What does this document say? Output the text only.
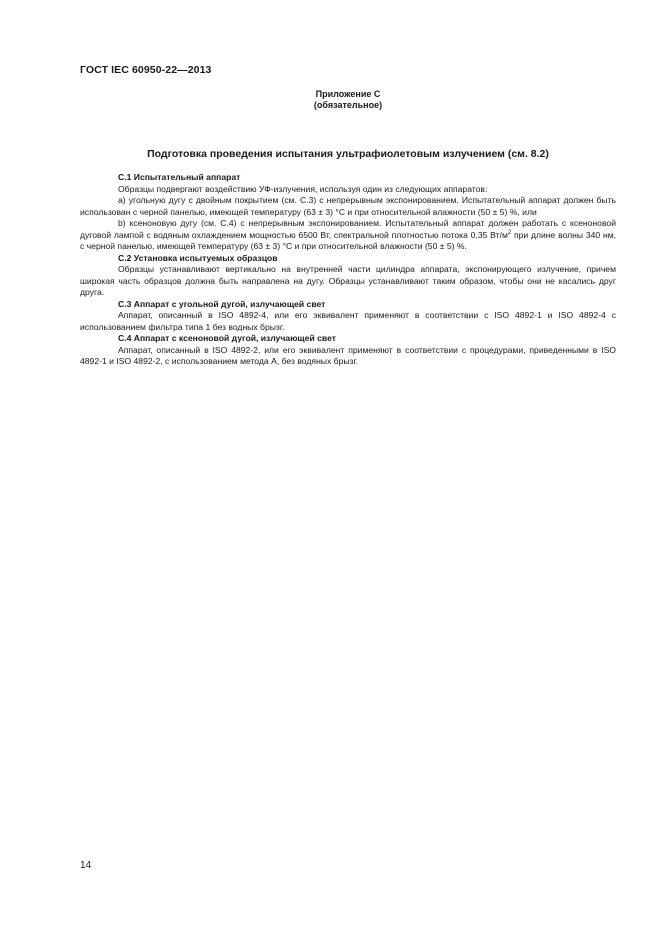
ГОСТ IEC 60950-22—2013
Приложение С
(обязательное)
Подготовка проведения испытания ультрафиолетовым излучением (см. 8.2)

С.1 Испытательный аппарат

Образцы подвергают воздействию УФ-излучения, используя один из следующих аппаратов:

а) угольную дугу с двойным покрытием (см. С.3) с непрерывным экспонированием. Испытательный аппарат должен быть использован с черной панелью, имеющей температуру (63 ± 3) °С и при относительной влажности (50 ± 5) %, или

b) ксеноновую дугу (см. С.4) с непрерывным экспонированием. Испытательный аппарат должен работать с ксеноновой дуговой лампой с водяным охлаждением мощностью 6500 Вт, спектральной плотностью потока 0,35 $Вт/м^2$ при длине волны 340 нм, с черной панелью, имеющей температуру (63 ± 3) °С и при относительной влажности (50 ± 5) %.

С.2 Установка испытуемых образцов

Образцы устанавливают вертикально на внутренней части цилиндра аппарата, экспонирующего излучение, причем широкая часть образцов должна быть направлена на дугу. Образцы устанавливают таким образом, чтобы они не касались друг друга.

С.3 Аппарат с угольной дугой, излучающей свет

Аппарат, описанный в ISO 4892-4, или его эквивалент применяют в соответствии с ISO 4892-1 и ISO 4892-4 с использованием фильтра типа 1 без водных брызг.

С.4 Аппарат с ксеноновой дугой, излучающей свет

Аппарат, описанный в ISO 4892-2, или его эквивалент применяют в соответствии с процедурами, приведенными в ISO 4892-1 и ISO 4892-2, с использованием метода А, без водяных брызг.

14
